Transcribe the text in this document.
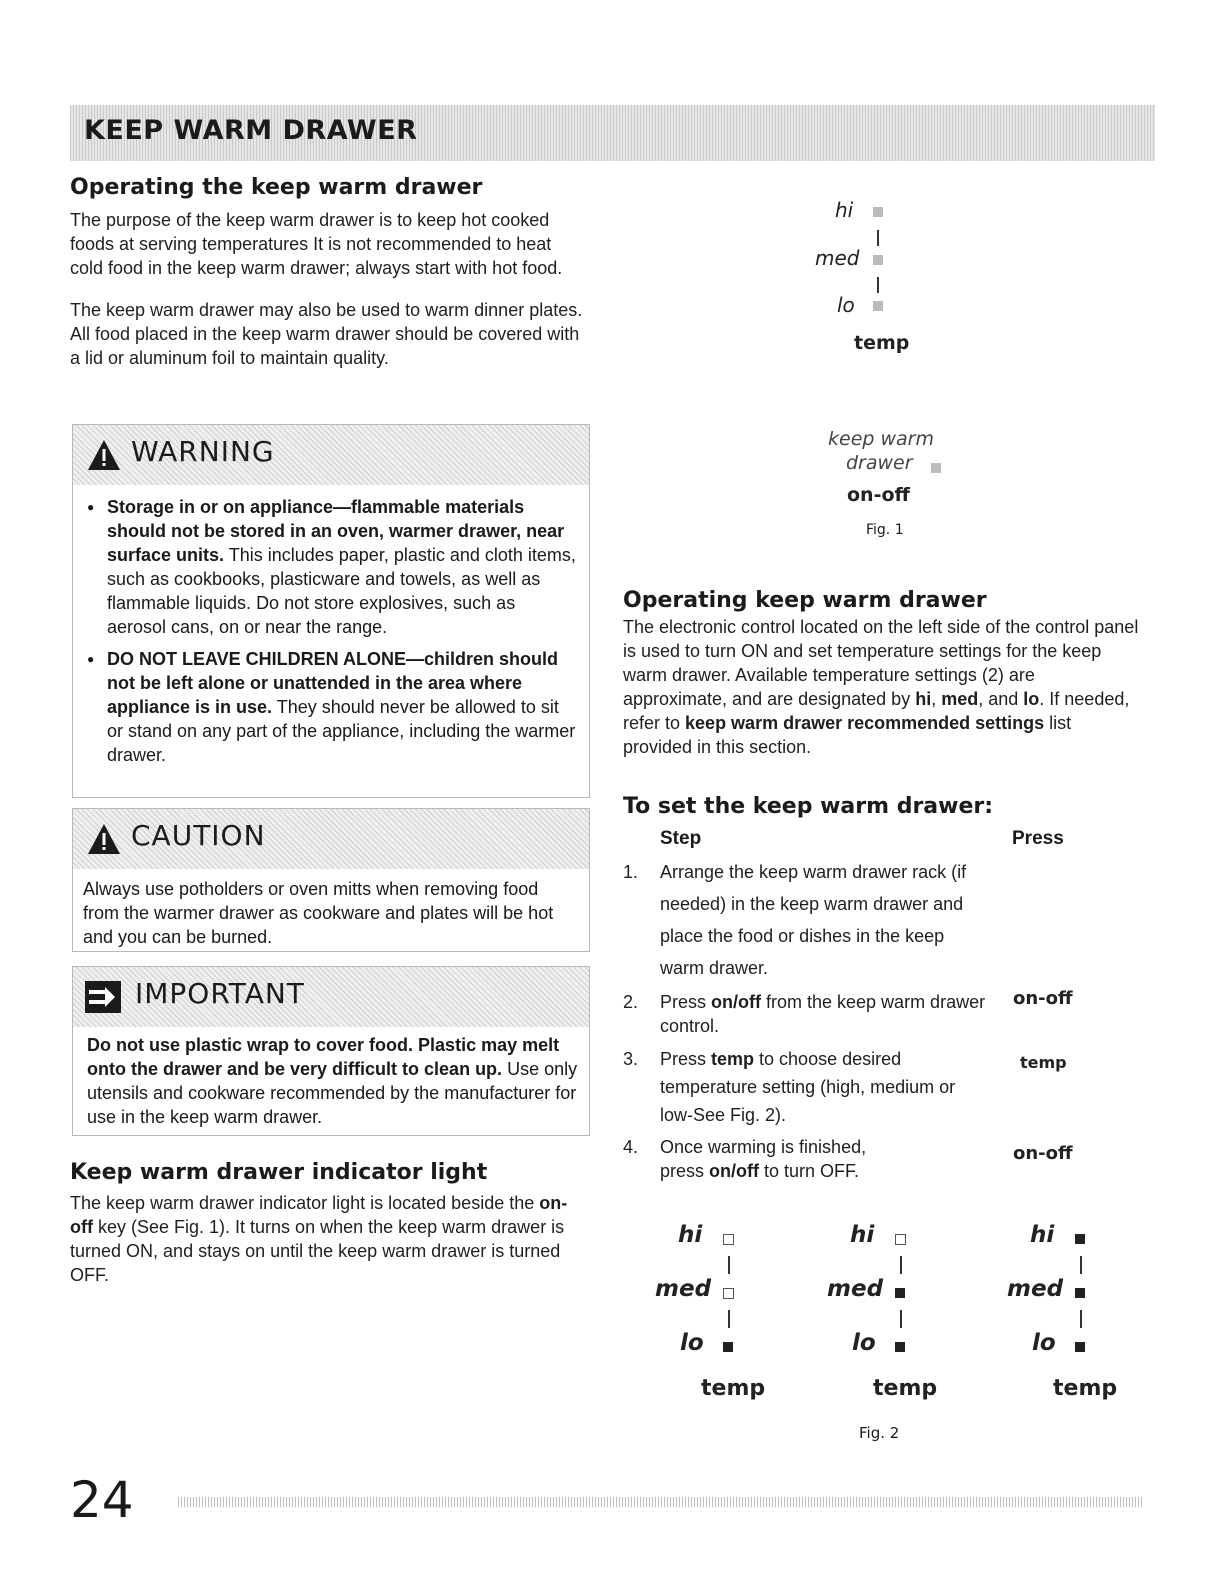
KEEP WARM DRAWER
Operating the keep warm drawer

The purpose of the keep warm drawer is to keep hot cooked foods at serving temperatures It is not recommended to heat cold food in the keep warm drawer; always start with hot food.

The keep warm drawer may also be used to warm dinner plates. All food placed in the keep warm drawer should be covered with a lid or aluminum foil to maintain quality.

WARNING
● Storage in or on appliance—flammable materials should not be stored in an oven, warmer drawer, near surface units. This includes paper, plastic and cloth items, such as cookbooks, plasticware and towels, as well as flammable liquids. Do not store explosives, such as aerosol cans, on or near the range.
● DO NOT LEAVE CHILDREN ALONE—children should not be left alone or unattended in the area where appliance is in use. They should never be allowed to sit or stand on any part of the appliance, including the warmer drawer.
CAUTION
Always use potholders or oven mitts when removing food from the warmer drawer as cookware and plates will be hot and you can be burned.
IMPORTANT
Do not use plastic wrap to cover food. Plastic may melt onto the drawer and be very difficult to clean up. Use only utensils and cookware recommended by the manufacturer for use in the keep warm drawer.
Keep warm drawer indicator light
The keep warm drawer indicator light is located beside the on-off key (See Fig. 1). It turns on when the keep warm drawer is turned ON, and stays on until the keep warm drawer is turned OFF.
hi
med
lo
temp
keep warm
drawer
on-off
Fig. 1
Operating keep warm drawer
The electronic control located on the left side of the control panel is used to turn ON and set temperature settings for the keep warm drawer. Available temperature settings (2) are approximate, and are designated by hi, med, and lo. If needed, refer to keep warm drawer recommended settings list provided in this section.
To set the keep warm drawer:
Step	Press
1. Arrange the keep warm drawer rack (if needed) in the keep warm drawer and place the food or dishes in the keep warm drawer.
2. Press on/off from the keep warm drawer control.
on-off
3. Press temp to choose desired temperature setting (high, medium or low-See Fig. 2).
temp
4. Once warming is finished, press on/off to turn OFF.
on-off
hi
med
lo
temp
hi
med
lo
temp
hi
med
lo
temp
Fig. 2
24
